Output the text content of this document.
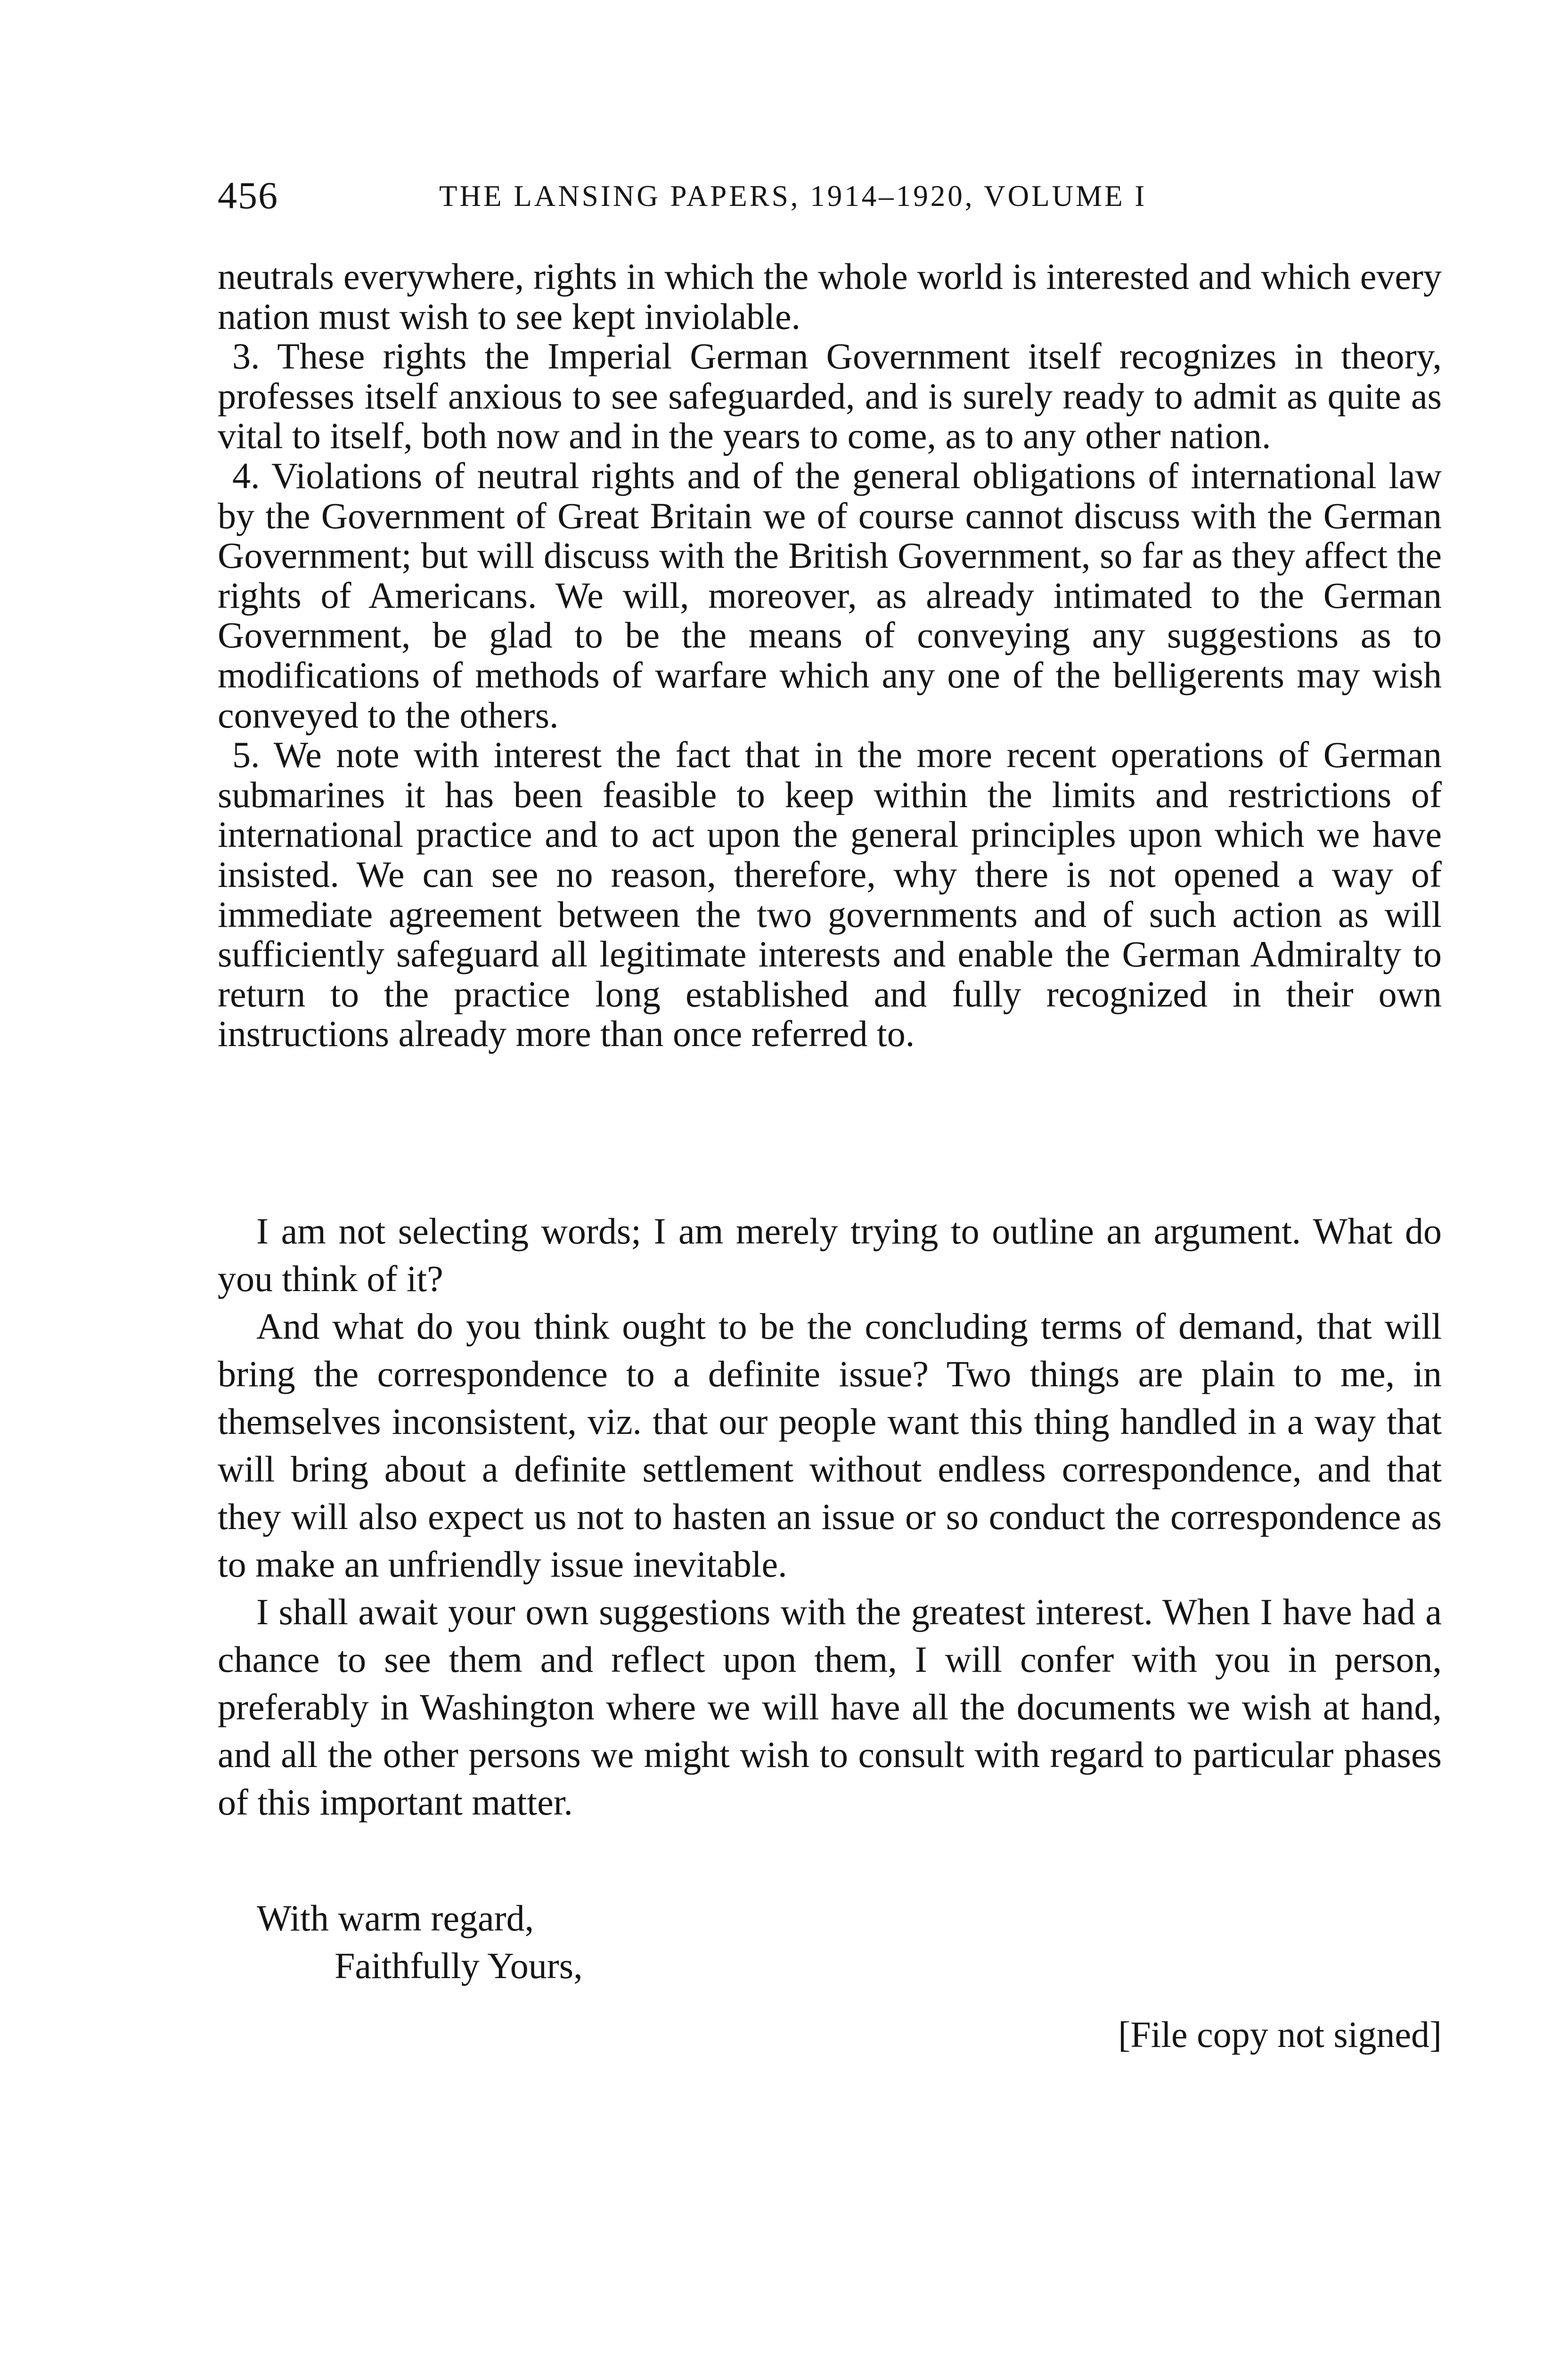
456	THE LANSING PAPERS, 1914–1920, VOLUME I

neutrals everywhere, rights in which the whole world is interested and which every nation must wish to see kept inviolable.

3. These rights the Imperial German Government itself recognizes in theory, professes itself anxious to see safeguarded, and is surely ready to admit as quite as vital to itself, both now and in the years to come, as to any other nation.

4. Violations of neutral rights and of the general obligations of international law by the Government of Great Britain we of course cannot discuss with the German Government; but will discuss with the British Government, so far as they affect the rights of Americans. We will, moreover, as already intimated to the German Government, be glad to be the means of conveying any suggestions as to modifications of methods of warfare which any one of the belligerents may wish conveyed to the others.

5. We note with interest the fact that in the more recent operations of German submarines it has been feasible to keep within the limits and restrictions of international practice and to act upon the general principles upon which we have insisted. We can see no reason, therefore, why there is not opened a way of immediate agreement between the two governments and of such action as will sufficiently safeguard all legitimate interests and enable the German Admiralty to return to the practice long established and fully recognized in their own instructions already more than once referred to.

I am not selecting words; I am merely trying to outline an argument. What do you think of it?

And what do you think ought to be the concluding terms of demand, that will bring the correspondence to a definite issue? Two things are plain to me, in themselves inconsistent, viz. that our people want this thing handled in a way that will bring about a definite settlement without endless correspondence, and that they will also expect us not to hasten an issue or so conduct the correspondence as to make an unfriendly issue inevitable.

I shall await your own suggestions with the greatest interest. When I have had a chance to see them and reflect upon them, I will confer with you in person, preferably in Washington where we will have all the documents we wish at hand, and all the other persons we might wish to consult with regard to particular phases of this important matter.

With warm regard,
Faithfully Yours,
[File copy not signed]
